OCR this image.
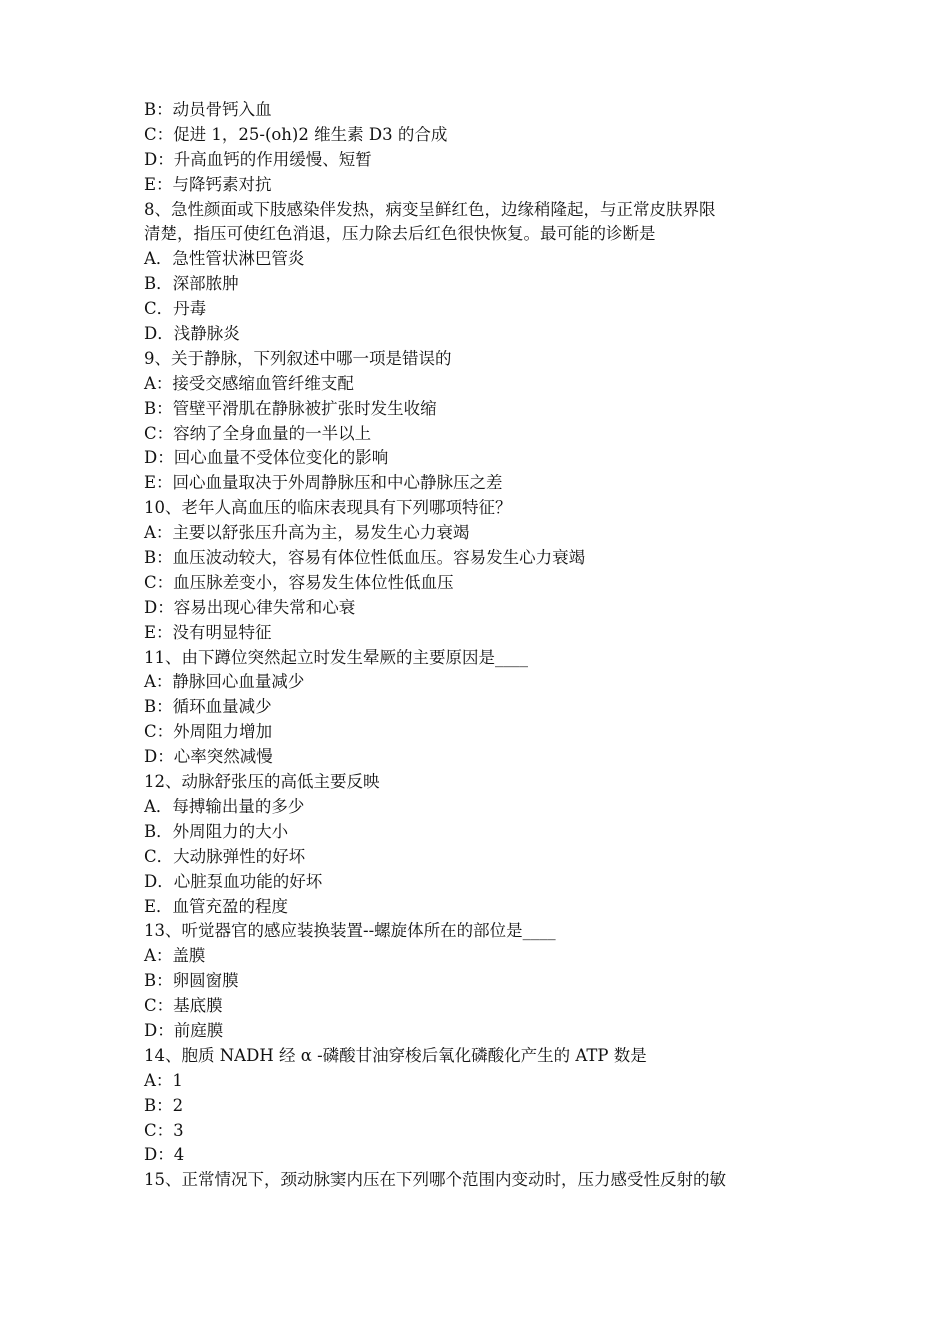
B：动员骨钙入血
C：促进 1，25-(oh)2 维生素 D3 的合成
D：升高血钙的作用缓慢、短暂
E：与降钙素对抗
8、急性颜面或下肢感染伴发热，病变呈鲜红色，边缘稍隆起，与正常皮肤界限
清楚，指压可使红色消退，压力除去后红色很快恢复。最可能的诊断是
A．急性管状淋巴管炎
B．深部脓肿
C．丹毒
D．浅静脉炎
9、关于静脉，下列叙述中哪一项是错误的
A：接受交感缩血管纤维支配
B：管壁平滑肌在静脉被扩张时发生收缩
C：容纳了全身血量的一半以上
D：回心血量不受体位变化的影响
E：回心血量取决于外周静脉压和中心静脉压之差
10、老年人高血压的临床表现具有下列哪项特征？
A：主要以舒张压升高为主，易发生心力衰竭
B：血压波动较大，容易有体位性低血压。容易发生心力衰竭
C：血压脉差变小，容易发生体位性低血压
D：容易出现心律失常和心衰
E：没有明显特征
11、由下蹲位突然起立时发生晕厥的主要原因是____
A：静脉回心血量减少
B：循环血量减少
C：外周阻力增加
D：心率突然减慢
12、动脉舒张压的高低主要反映
A．每搏输出量的多少
B．外周阻力的大小
C．大动脉弹性的好坏
D．心脏泵血功能的好坏
E．血管充盈的程度
13、听觉器官的感应装换装置--螺旋体所在的部位是____
A：盖膜
B：卵圆窗膜
C：基底膜
D：前庭膜
14、胞质 NADH 经 α -磷酸甘油穿梭后氧化磷酸化产生的 ATP 数是
A：1
B：2
C：3
D：4
15、正常情况下，颈动脉窦内压在下列哪个范围内变动时，压力感受性反射的敏
